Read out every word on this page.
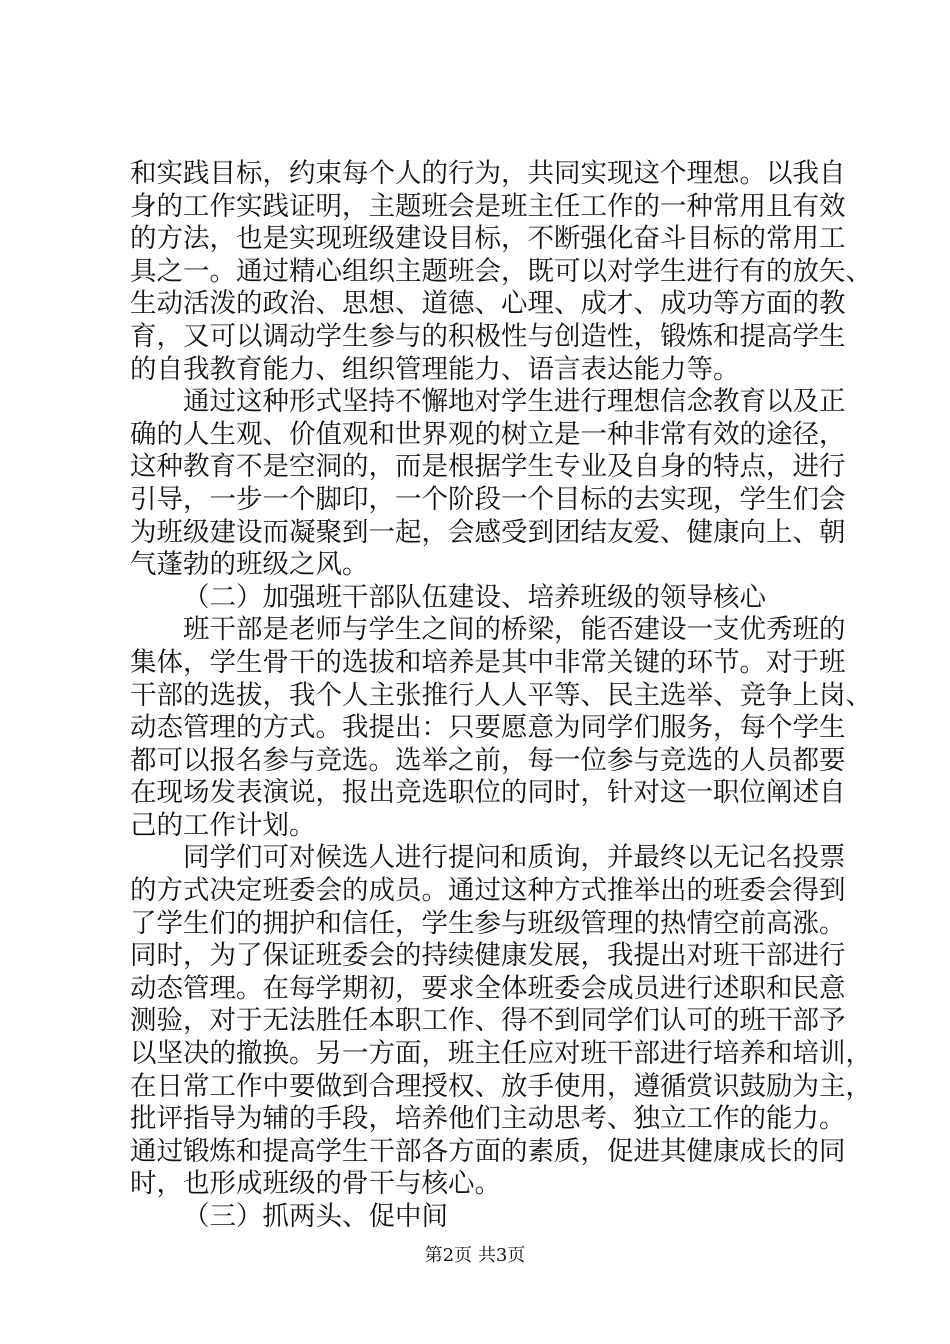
和实践目标，约束每个人的行为，共同实现这个理想。以我自
身的工作实践证明，主题班会是班主任工作的一种常用且有效
的方法，也是实现班级建设目标，不断强化奋斗目标的常用工
具之一。通过精心组织主题班会，既可以对学生进行有的放矢、
生动活泼的政治、思想、道德、心理、成才、成功等方面的教
育，又可以调动学生参与的积极性与创造性，锻炼和提高学生
的自我教育能力、组织管理能力、语言表达能力等。
通过这种形式坚持不懈地对学生进行理想信念教育以及正
确的人生观、价值观和世界观的树立是一种非常有效的途径，
这种教育不是空洞的，而是根据学生专业及自身的特点，进行
引导，一步一个脚印，一个阶段一个目标的去实现，学生们会
为班级建设而凝聚到一起，会感受到团结友爱、健康向上、朝
气蓬勃的班级之风。
（二）加强班干部队伍建设、培养班级的领导核心
班干部是老师与学生之间的桥梁，能否建设一支优秀班的
集体，学生骨干的选拔和培养是其中非常关键的环节。对于班
干部的选拔，我个人主张推行人人平等、民主选举、竞争上岗、
动态管理的方式。我提出：只要愿意为同学们服务，每个学生
都可以报名参与竞选。选举之前，每一位参与竞选的人员都要
在现场发表演说，报出竞选职位的同时，针对这一职位阐述自
己的工作计划。
同学们可对候选人进行提问和质询，并最终以无记名投票
的方式决定班委会的成员。通过这种方式推举出的班委会得到
了学生们的拥护和信任，学生参与班级管理的热情空前高涨。
同时，为了保证班委会的持续健康发展，我提出对班干部进行
动态管理。在每学期初，要求全体班委会成员进行述职和民意
测验，对于无法胜任本职工作、得不到同学们认可的班干部予
以坚决的撤换。另一方面，班主任应对班干部进行培养和培训，
在日常工作中要做到合理授权、放手使用，遵循赏识鼓励为主，
批评指导为辅的手段，培养他们主动思考、独立工作的能力。
通过锻炼和提高学生干部各方面的素质，促进其健康成长的同
时，也形成班级的骨干与核心。
（三）抓两头、促中间
第2页 共3页
